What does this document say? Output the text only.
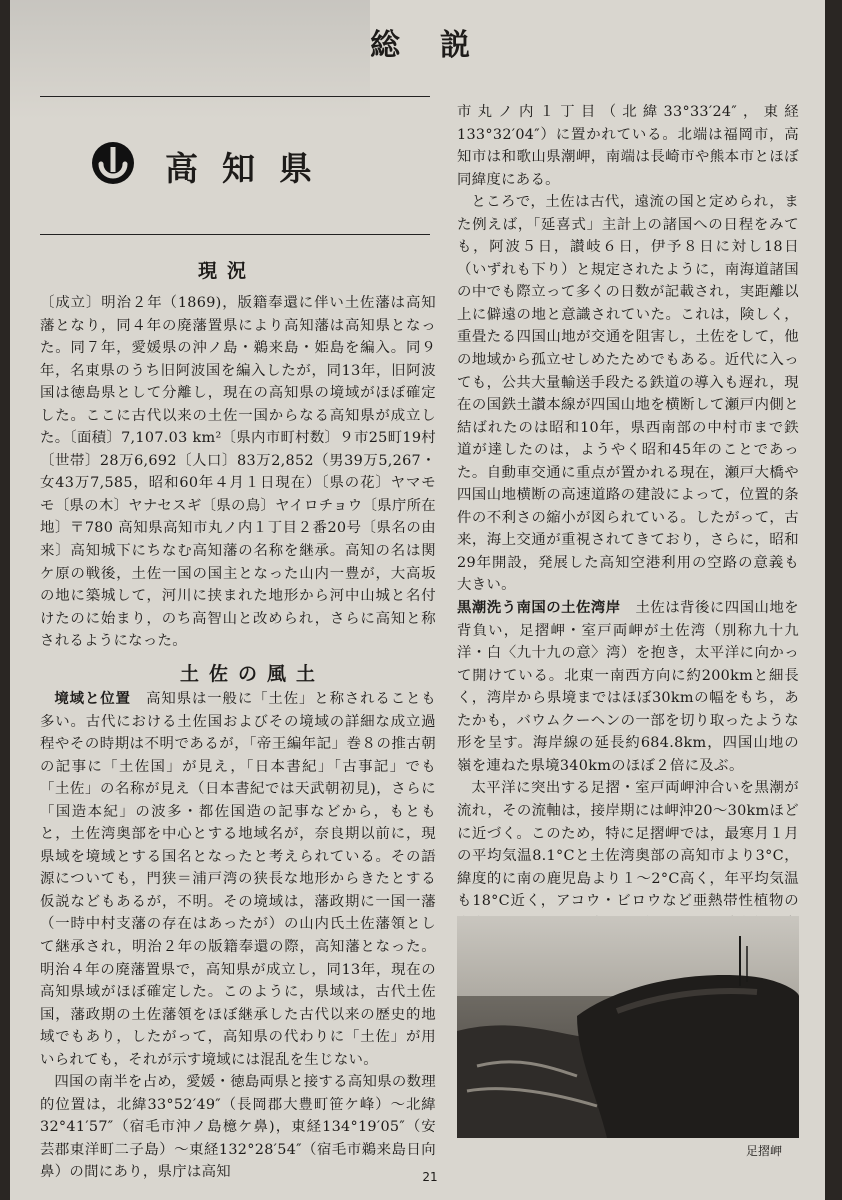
総説
高知県
現況

〔成立〕明治２年（1869)，版籍奉還に伴い土佐藩は高知藩となり，同４年の廃藩置県により高知藩は高知県となった。同７年，愛媛県の沖ノ島・鵜来島・姫島を編入。同９年，名東県のうち旧阿波国を編入したが，同13年，旧阿波国は徳島県として分離し，現在の高知県の境域がほぼ確定した。ここに古代以来の土佐一国からなる高知県が成立した。〔面積〕7,107.03 km²〔県内市町村数〕９市25町19村〔世帯〕28万6,692〔人口〕83万2,852（男39万5,267・女43万7,585，昭和60年４月１日現在）〔県の花〕ヤマモモ〔県の木〕ヤナセスギ〔県の鳥〕ヤイロチョウ〔県庁所在地〕〒780 高知県高知市丸ノ内１丁目２番20号〔県名の由来〕高知城下にちなむ高知藩の名称を継承。高知の名は関ケ原の戦後，土佐一国の国主となった山内一豊が，大高坂の地に築城して，河川に挟まれた地形から河中山城と名付けたのに始まり，のち高智山と改められ，さらに高知と称されるようになった。

土佐の風土

境域と位置　 高知県は一般に「土佐」と称されることも多い。古代における土佐国およびその境域の詳細な成立過程やその時期は不明であるが，「帝王編年記」巻８の推古朝の記事に「土佐国」が見え，「日本書紀」「古事記」でも「土佐」の名称が見え（日本書紀では天武朝初見)，さらに「国造本紀」の波多・都佐国造の記事などから，もともと，土佐湾奥部を中心とする地域名が，奈良期以前に，現県域を境域とする国名となったと考えられている。その語源についても，門狭＝浦戸湾の狭長な地形からきたとする仮説などもあるが，不明。その境域は，藩政期に一国一藩（一時中村支藩の存在はあったが）の山内氏土佐藩領として継承され，明治２年の版籍奉還の際，高知藩となった。明治４年の廃藩置県で，高知県が成立し，同13年，現在の高知県域がほぼ確定した。このように，県域は，古代土佐国，藩政期の土佐藩領をほぼ継承した古代以来の歴史的地域でもあり，したがって，高知県の代わりに「土佐」が用いられても，それが示す境域には混乱を生じない。

四国の南半を占め，愛媛・徳島両県と接する高知県の数理的位置は，北緯33°52′49″（長岡郡大豊町笹ケ峰）～北緯32°41′57″（宿毛市沖ノ島檍ケ鼻)，東経134°19′05″（安芸郡東洋町二子島）～東経132°28′54″（宿毛市鵜来島日向鼻）の間にあり，県庁は高知

市丸ノ内１丁目（北緯33°33′24″，東経133°32′04″）に置かれている。北端は福岡市，高知市は和歌山県潮岬，南端は長崎市や熊本市とほぼ同緯度にある。

ところで，土佐は古代，遠流の国と定められ，また例えば，「延喜式」主計上の諸国への日程をみても，阿波５日，讃岐６日，伊予８日に対し18日（いずれも下り）と規定されたように，南海道諸国の中でも際立って多くの日数が記載され，実距離以上に僻遠の地と意識されていた。これは，険しく，重畳たる四国山地が交通を阻害し，土佐をして，他の地域から孤立せしめたためでもある。近代に入っても，公共大量輸送手段たる鉄道の導入も遅れ，現在の国鉄土讃本線が四国山地を横断して瀬戸内側と結ばれたのは昭和10年，県西南部の中村市まで鉄道が達したのは，ようやく昭和45年のことであった。自動車交通に重点が置かれる現在，瀬戸大橋や四国山地横断の高速道路の建設によって，位置的条件の不利さの縮小が図られている。したがって，古来，海上交通が重視されてきており，さらに，昭和29年開設，発展した高知空港利用の空路の意義も大きい。

黒潮洗う南国の土佐湾岸　 土佐は背後に四国山地を背負い，足摺岬・室戸両岬が土佐湾（別称九十九洋・白〈九十九の意〉湾）を抱き，太平洋に向かって開けている。北東一南西方向に約200kmと細長く，湾岸から県境まではほぼ30kmの幅をもち，あたかも，バウムクーヘンの一部を切り取ったような形を呈す。海岸線の延長約684.8km，四国山地の嶺を連ねた県境340kmのほぼ２倍に及ぶ。

太平洋に突出する足摺・室戸両岬沖合いを黒潮が流れ，その流軸は，接岸期には岬沖20～30kmほどに近づく。このため，特に足摺岬では，最寒月１月の平均気温8.1°Cと土佐湾奥部の高知市より3°C，緯度的に南の鹿児島より１～2°C高く，年平均気温も18°C近く，アコウ・ビロウなど亜熱帯性植物の

足摺岬
21
